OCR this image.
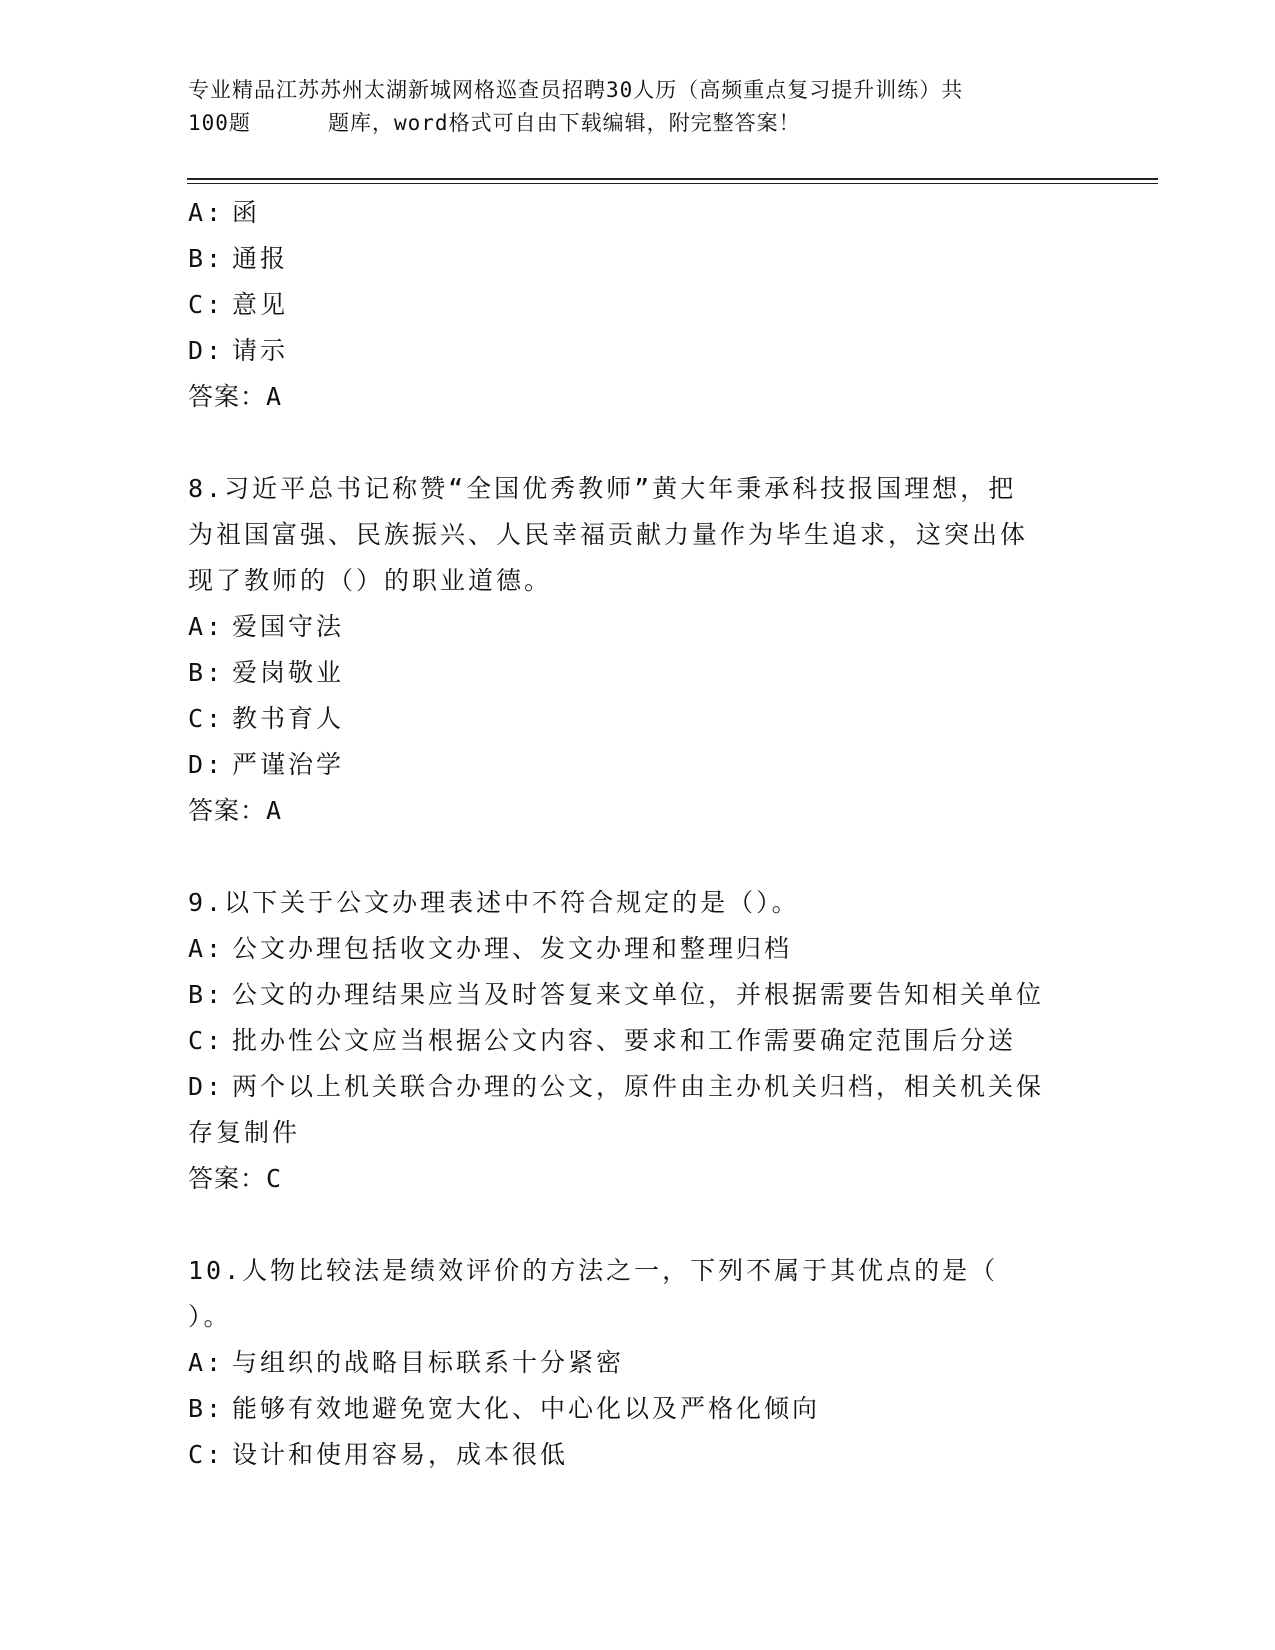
专业精品江苏苏州太湖新城网格巡查员招聘30人历（高频重点复习提升训练）共
100题	题库，word格式可自由下载编辑，附完整答案！
A: 函
B: 通报
C: 意见
D: 请示
答案：A
8.习近平总书记称赞“全国优秀教师”黄大年秉承科技报国理想，把
为祖国富强、民族振兴、人民幸福贡献力量作为毕生追求，这突出体
现了教师的（）的职业道德。
A: 爱国守法
B: 爱岗敬业
C: 教书育人
D: 严谨治学
答案：A
9.以下关于公文办理表述中不符合规定的是（）。
A: 公文办理包括收文办理、发文办理和整理归档
B: 公文的办理结果应当及时答复来文单位，并根据需要告知相关单位
C: 批办性公文应当根据公文内容、要求和工作需要确定范围后分送
D: 两个以上机关联合办理的公文，原件由主办机关归档，相关机关保
存复制件
答案：C
10.人物比较法是绩效评价的方法之一，下列不属于其优点的是（
）。
A: 与组织的战略目标联系十分紧密
B: 能够有效地避免宽大化、中心化以及严格化倾向
C: 设计和使用容易，成本很低
